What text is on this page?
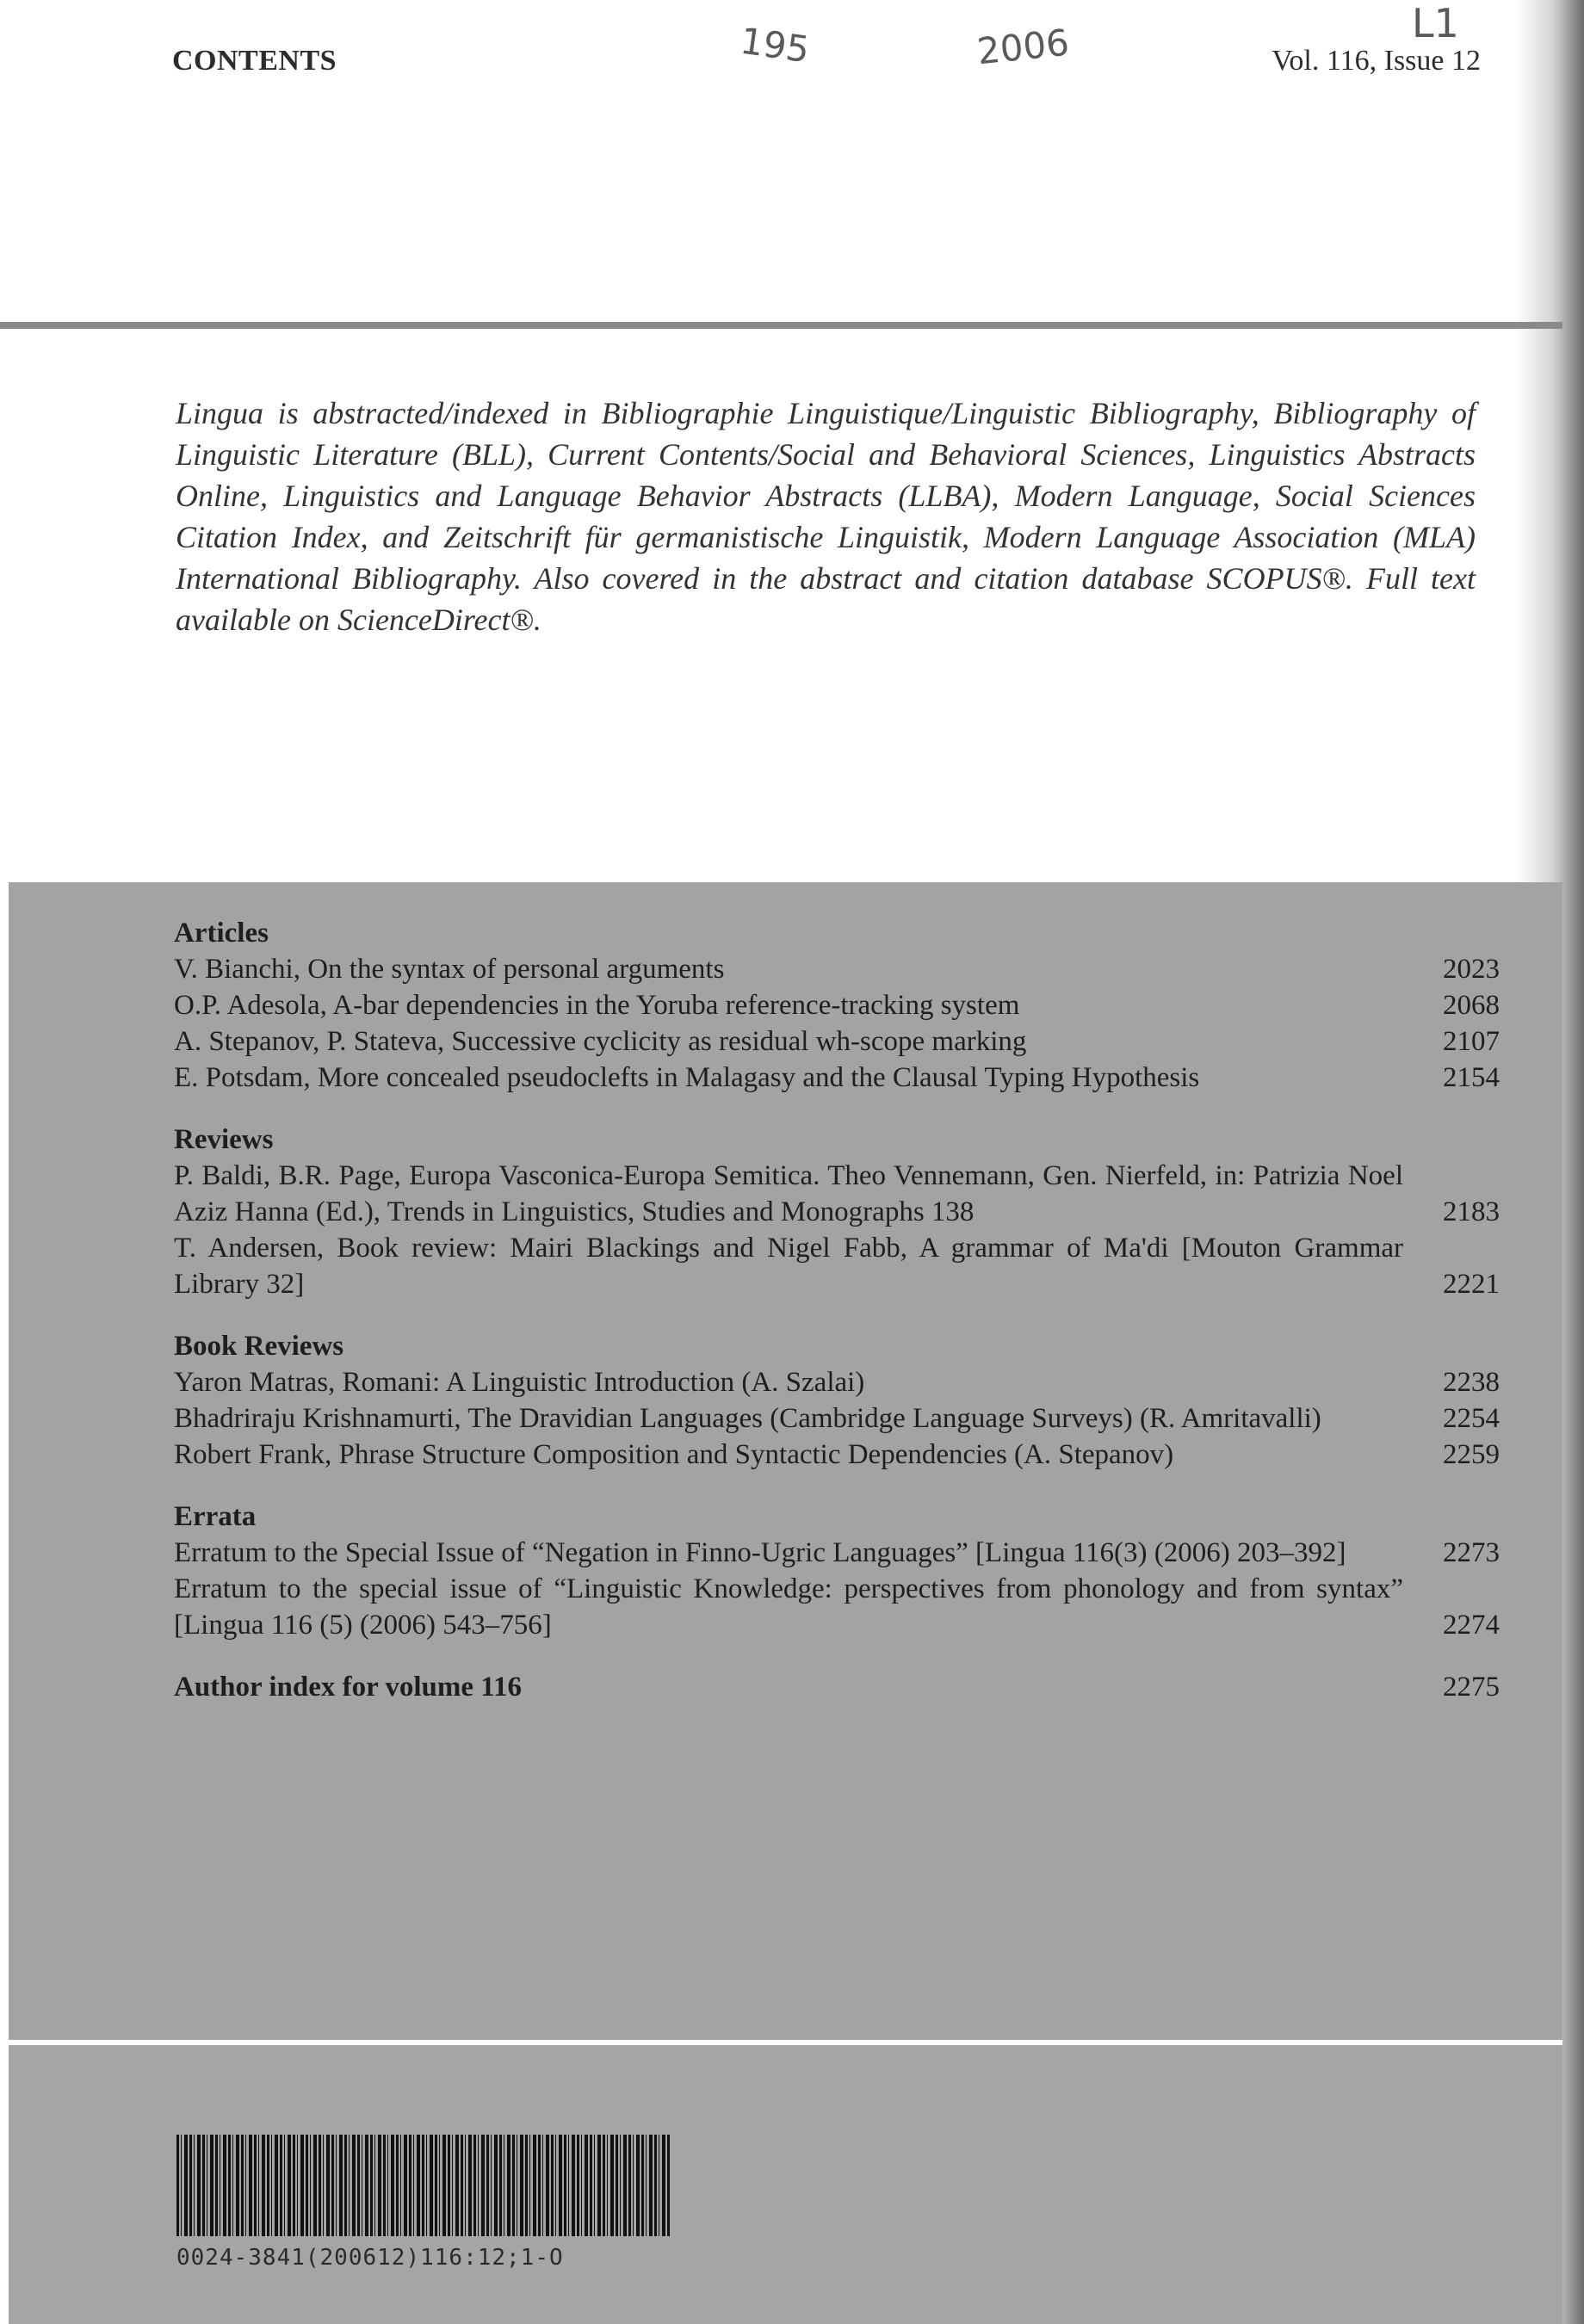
CONTENTS	Vol. 116, Issue 12
195	2006	L1
Lingua is abstracted/indexed in Bibliographie Linguistique/Linguistic Bibliography, Bibliography of Linguistic Literature (BLL), Current Contents/Social and Behavioral Sciences, Linguistics Abstracts Online, Linguistics and Language Behavior Abstracts (LLBA), Modern Language, Social Sciences Citation Index, and Zeitschrift für germanistische Linguistik, Modern Language Association (MLA) International Bibliography. Also covered in the abstract and citation database SCOPUS®. Full text available on ScienceDirect®.
Articles
V. Bianchi, On the syntax of personal arguments	2023
O.P. Adesola, A-bar dependencies in the Yoruba reference-tracking system	2068
A. Stepanov, P. Stateva, Successive cyclicity as residual wh-scope marking	2107
E. Potsdam, More concealed pseudoclefts in Malagasy and the Clausal Typing Hypothesis	2154
Reviews
P. Baldi, B.R. Page, Europa Vasconica-Europa Semitica. Theo Vennemann, Gen. Nierfeld, in: Patrizia Noel Aziz Hanna (Ed.), Trends in Linguistics, Studies and Monographs 138	2183
T. Andersen, Book review: Mairi Blackings and Nigel Fabb, A grammar of Ma'di [Mouton Grammar Library 32]	2221
Book Reviews
Yaron Matras, Romani: A Linguistic Introduction (A. Szalai)	2238
Bhadriraju Krishnamurti, The Dravidian Languages (Cambridge Language Surveys) (R. Amritavalli)	2254
Robert Frank, Phrase Structure Composition and Syntactic Dependencies (A. Stepanov)	2259
Errata
Erratum to the Special Issue of “Negation in Finno-Ugric Languages” [Lingua 116(3) (2006) 203–392]	2273
Erratum to the special issue of “Linguistic Knowledge: perspectives from phonology and from syntax” [Lingua 116 (5) (2006) 543–756]	2274
Author index for volume 116	2275
0024-3841(200612)116:12;1-O
